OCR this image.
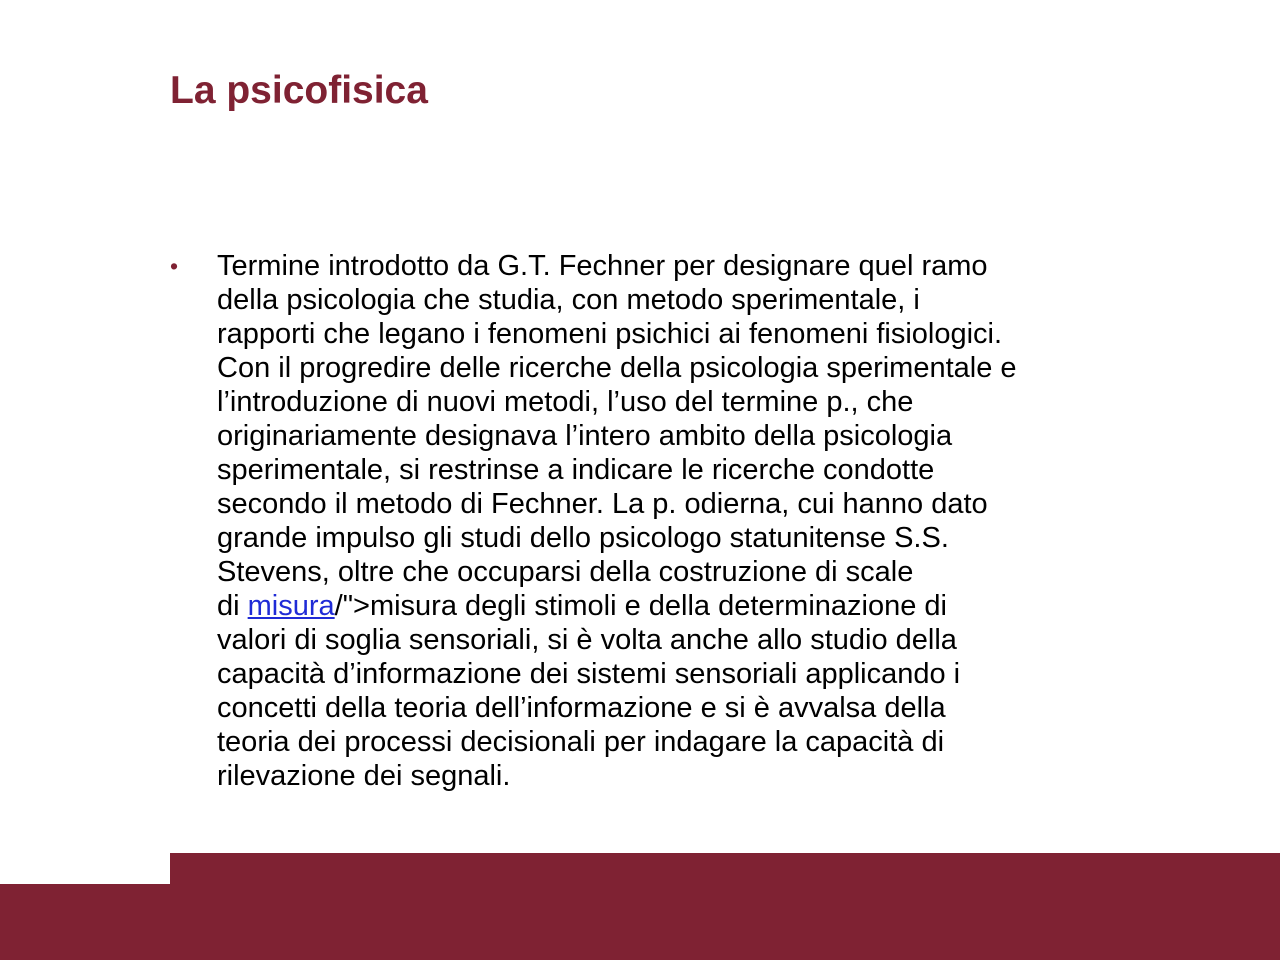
La psicofisica
• Termine introdotto da G.T. Fechner per designare quel ramo
della psicologia che studia, con metodo sperimentale, i
rapporti che legano i fenomeni psichici ai fenomeni fisiologici.
Con il progredire delle ricerche della psicologia sperimentale e
l’introduzione di nuovi metodi, l’uso del termine p., che
originariamente designava l’intero ambito della psicologia
sperimentale, si restrinse a indicare le ricerche condotte
secondo il metodo di Fechner. La p. odierna, cui hanno dato
grande impulso gli studi dello psicologo statunitense S.S.
Stevens, oltre che occuparsi della costruzione di scale
di misura/">misura degli stimoli e della determinazione di
valori di soglia sensoriali, si è volta anche allo studio della
capacità d’informazione dei sistemi sensoriali applicando i
concetti della teoria dell’informazione e si è avvalsa della
teoria dei processi decisionali per indagare la capacità di
rilevazione dei segnali.
